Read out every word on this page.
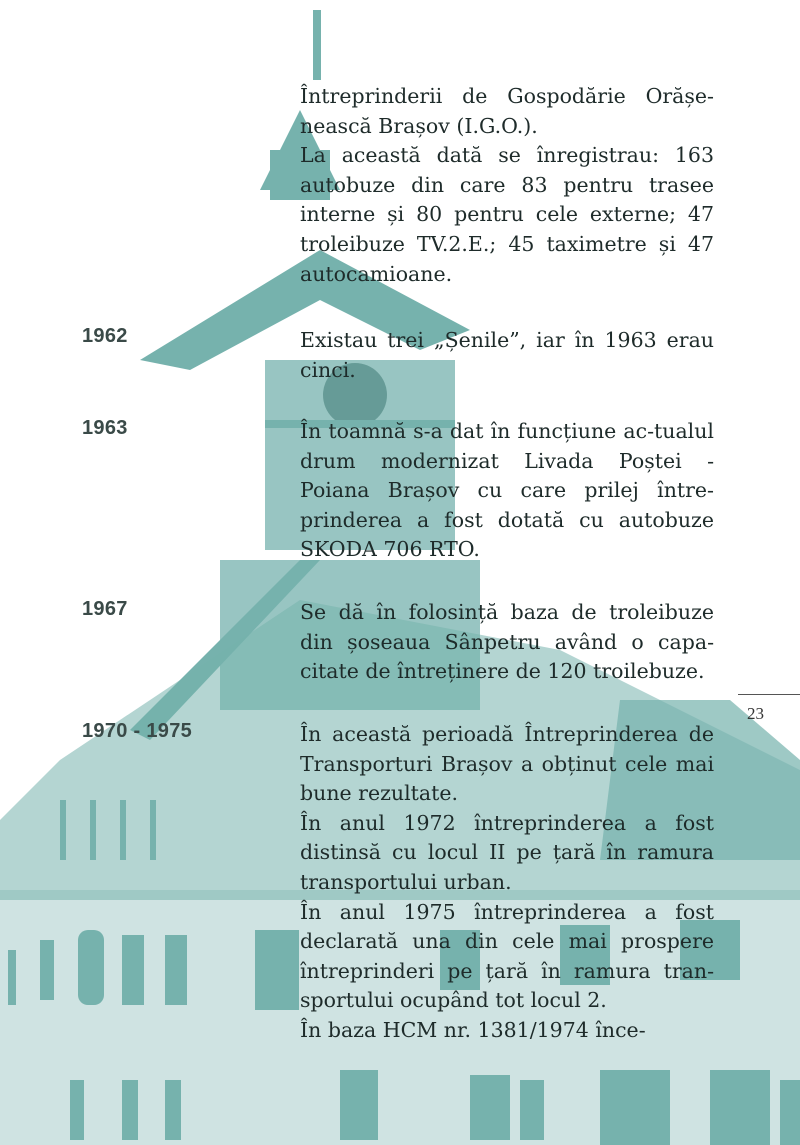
Întreprinderii de Gospodărie Orășe-nească Brașov (I.G.O.).

La această dată se înregistrau: 163 autobuze din care 83 pentru trasee interne și 80 pentru cele externe; 47 troleibuze TV.2.E.; 45 taximetre și 47 autocamioane.

1962	Existau trei „Șenile”, iar în 1963 erau cinci.

1963	În toamnă s-a dat în funcțiune ac-tualul drum modernizat Livada Poștei - Poiana Brașov cu care prilej între-prinderea a fost dotată cu autobuze SKODA 706 RTO.

1967	Se dă în folosință baza de troleibuze din șoseaua Sânpetru având o capa-citate de întreținere de 120 troilebuze.

23
1970 - 1975	În această perioadă Întreprinderea de Transporturi Brașov a obținut cele mai bune rezultate.

În anul 1972 întreprinderea a fost distinsă cu locul II pe țară în ramura transportului urban.

În anul 1975 întreprinderea a fost declarată una din cele mai prospere întreprinderi pe țară în ramura tran-sportului ocupând tot locul 2.

În baza HCM nr. 1381/1974 înce-
